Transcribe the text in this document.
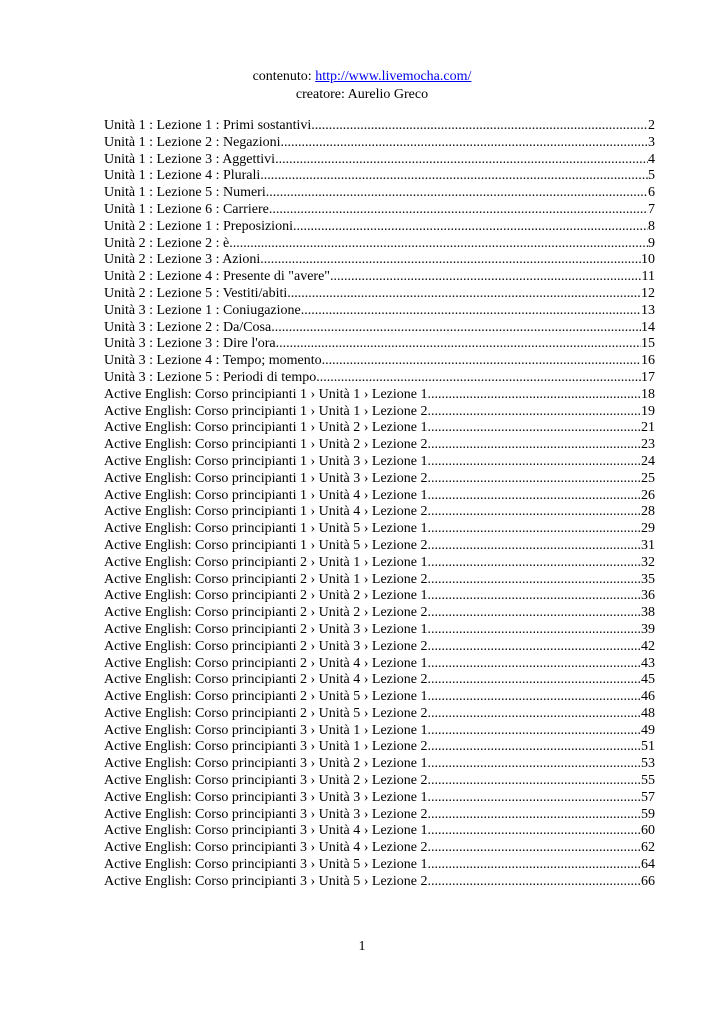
contenuto: http://www.livemocha.com/
creatore: Aurelio Greco
Unità 1 : Lezione 1 : Primi sostantivi .....	2
Unità 1 : Lezione 2 : Negazioni .....	3
Unità 1 : Lezione 3 : Aggettivi .....	4
Unità 1 : Lezione 4 : Plurali .....	5
Unità 1 : Lezione 5 : Numeri .....	6
Unità 1 : Lezione 6 : Carriere .....	7
Unità 2 : Lezione 1 : Preposizioni .....	8
Unità 2 : Lezione 2 : è .....	9
Unità 2 : Lezione 3 : Azioni .....	10
Unità 2 : Lezione 4 : Presente di "avere" .....	11
Unità 2 : Lezione 5 : Vestiti/abiti .....	12
Unità 3 : Lezione 1 : Coniugazione .....	13
Unità 3 : Lezione 2 : Da/Cosa .....	14
Unità 3 : Lezione 3 : Dire l'ora .....	15
Unità 3 : Lezione 4 : Tempo; momento .....	16
Unità 3 : Lezione 5 : Periodi di tempo .....	17
Active English: Corso principianti 1 › Unità 1 › Lezione 1 .....	18
Active English: Corso principianti 1 › Unità 1 › Lezione 2 .....	19
Active English: Corso principianti 1 › Unità 2 › Lezione 1 .....	21
Active English: Corso principianti 1 › Unità 2 › Lezione 2 .....	23
Active English: Corso principianti 1 › Unità 3 › Lezione 1 .....	24
Active English: Corso principianti 1 › Unità 3 › Lezione 2 .....	25
Active English: Corso principianti 1 › Unità 4 › Lezione 1 .....	26
Active English: Corso principianti 1 › Unità 4 › Lezione 2 .....	28
Active English: Corso principianti 1 › Unità 5 › Lezione 1 .....	29
Active English: Corso principianti 1 › Unità 5 › Lezione 2 .....	31
Active English: Corso principianti 2 › Unità 1 › Lezione 1 .....	32
Active English: Corso principianti 2 › Unità 1 › Lezione 2 .....	35
Active English: Corso principianti 2 › Unità 2 › Lezione 1 .....	36
Active English: Corso principianti 2 › Unità 2 › Lezione 2 .....	38
Active English: Corso principianti 2 › Unità 3 › Lezione 1 .....	39
Active English: Corso principianti 2 › Unità 3 › Lezione 2 .....	42
Active English: Corso principianti 2 › Unità 4 › Lezione 1 .....	43
Active English: Corso principianti 2 › Unità 4 › Lezione 2 .....	45
Active English: Corso principianti 2 › Unità 5 › Lezione 1 .....	46
Active English: Corso principianti 2 › Unità 5 › Lezione 2 .....	48
Active English: Corso principianti 3 › Unità 1 › Lezione 1 .....	49
Active English: Corso principianti 3 › Unità 1 › Lezione 2 .....	51
Active English: Corso principianti 3 › Unità 2 › Lezione 1 .....	53
Active English: Corso principianti 3 › Unità 2 › Lezione 2 .....	55
Active English: Corso principianti 3 › Unità 3 › Lezione 1 .....	57
Active English: Corso principianti 3 › Unità 3 › Lezione 2 .....	59
Active English: Corso principianti 3 › Unità 4 › Lezione 1 .....	60
Active English: Corso principianti 3 › Unità 4 › Lezione 2 .....	62
Active English: Corso principianti 3 › Unità 5 › Lezione 1 .....	64
Active English: Corso principianti 3 › Unità 5 › Lezione 2 .....	66
1
